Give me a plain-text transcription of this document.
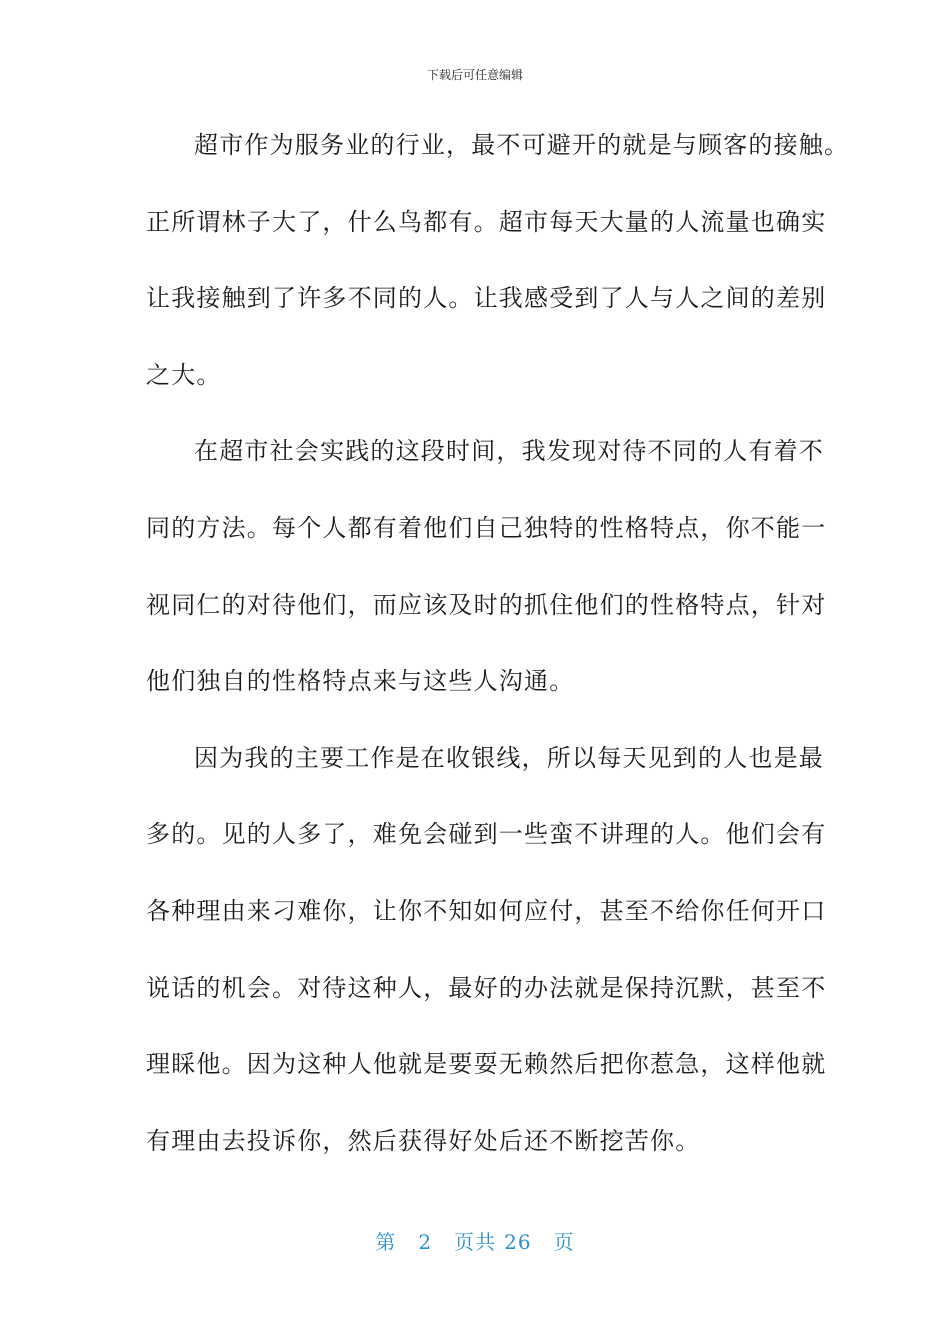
下载后可任意编辑
超市作为服务业的行业，最不可避开的就是与顾客的接触。
正所谓林子大了，什么鸟都有。超市每天大量的人流量也确实
让我接触到了许多不同的人。让我感受到了人与人之间的差别
之大。
在超市社会实践的这段时间，我发现对待不同的人有着不
同的方法。每个人都有着他们自己独特的性格特点，你不能一
视同仁的对待他们，而应该及时的抓住他们的性格特点，针对
他们独自的性格特点来与这些人沟通。
因为我的主要工作是在收银线，所以每天见到的人也是最
多的。见的人多了，难免会碰到一些蛮不讲理的人。他们会有
各种理由来刁难你，让你不知如何应付，甚至不给你任何开口
说话的机会。对待这种人，最好的办法就是保持沉默，甚至不
理睬他。因为这种人他就是要耍无赖然后把你惹急，这样他就
有理由去投诉你，然后获得好处后还不断挖苦你。
第 2 页共 26 页
